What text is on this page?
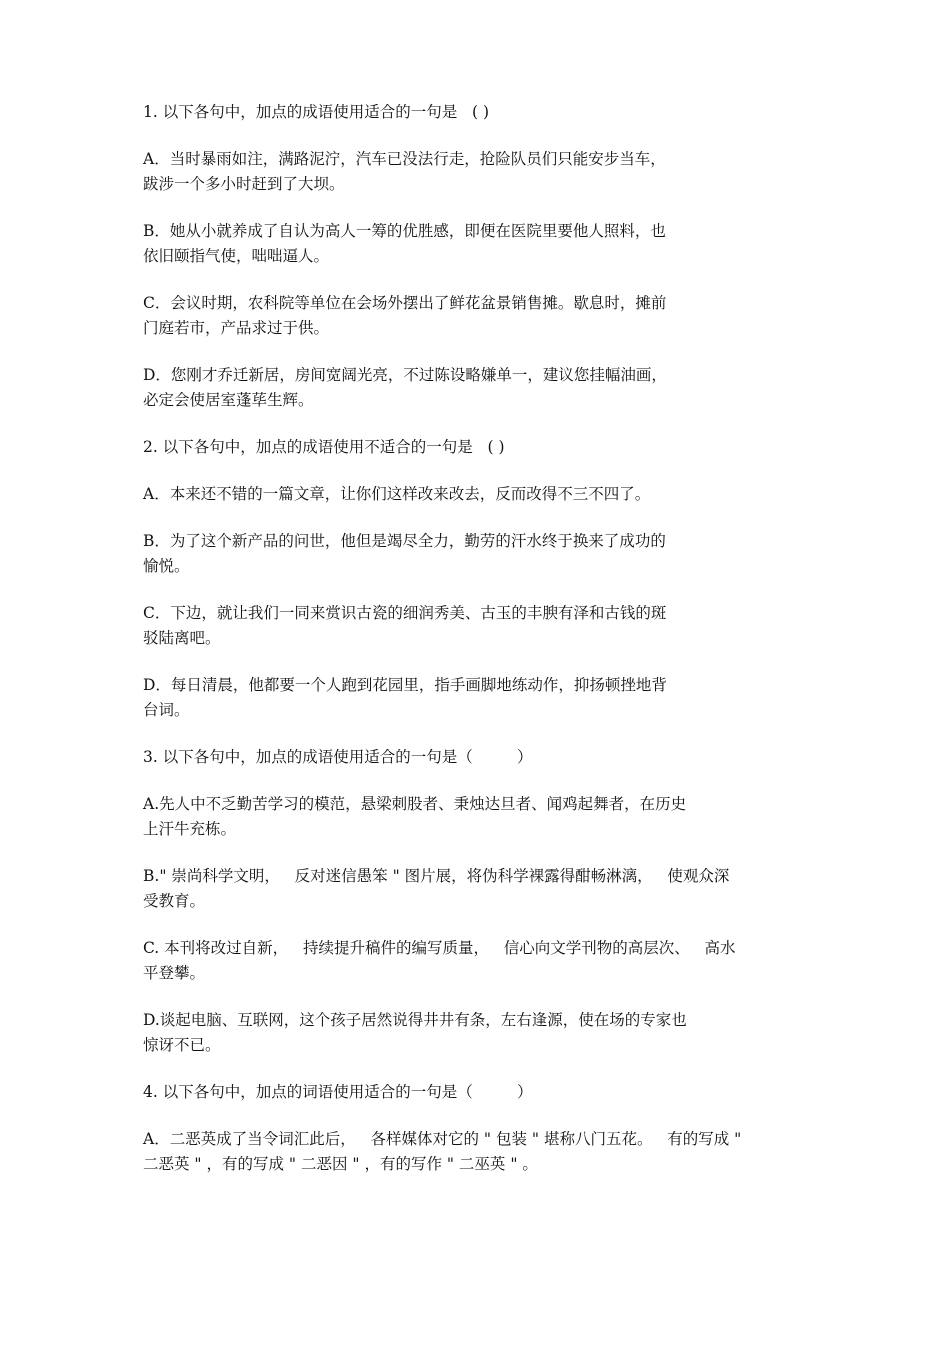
1. 以下各句中，加点的成语使用适合的一句是   ( )

A．当时暴雨如注，满路泥泞，汽车已没法行走，抢险队员们只能安步当车，
跋涉一个多小时赶到了大坝。

B．她从小就养成了自认为高人一筹的优胜感，即便在医院里要他人照料，也
依旧颐指气使，咄咄逼人。

C．会议时期，农科院等单位在会场外摆出了鲜花盆景销售摊。歇息时，摊前
门庭若市，产品求过于供。

D．您刚才乔迁新居，房间宽阔光亮，不过陈设略嫌单一，建议您挂幅油画，
必定会使居室蓬荜生辉。

2. 以下各句中，加点的成语使用不适合的一句是   ( )

A．本来还不错的一篇文章，让你们这样改来改去，反而改得不三不四了。

B．为了这个新产品的问世，他但是竭尽全力，勤劳的汗水终于换来了成功的
愉悦。

C．下边，就让我们一同来赏识古瓷的细润秀美、古玉的丰腴有泽和古钱的斑
驳陆离吧。

D．每日清晨，他都要一个人跑到花园里，指手画脚地练动作，抑扬顿挫地背
台词。

3. 以下各句中，加点的成语使用适合的一句是（         ）

A.先人中不乏勤苦学习的模范，悬梁刺股者、秉烛达旦者、闻鸡起舞者，在历史
上汗牛充栋。

B." 崇尚科学文明，   反对迷信愚笨 " 图片展，将伪科学裸露得酣畅淋漓，   使观众深
受教育。

C. 本刊将改过自新，   持续提升稿件的编写质量，   信心向文学刊物的高层次、   高水
平登攀。

D.谈起电脑、互联网，这个孩子居然说得井井有条，左右逢源，使在场的专家也
惊讶不已。

4. 以下各句中，加点的词语使用适合的一句是（         ）

A．二恶英成了当令词汇此后，   各样媒体对它的 " 包装 " 堪称八门五花。   有的写成 "
二恶英 " ，有的写成 " 二恶因 " ，有的写作 " 二巫英 " 。
